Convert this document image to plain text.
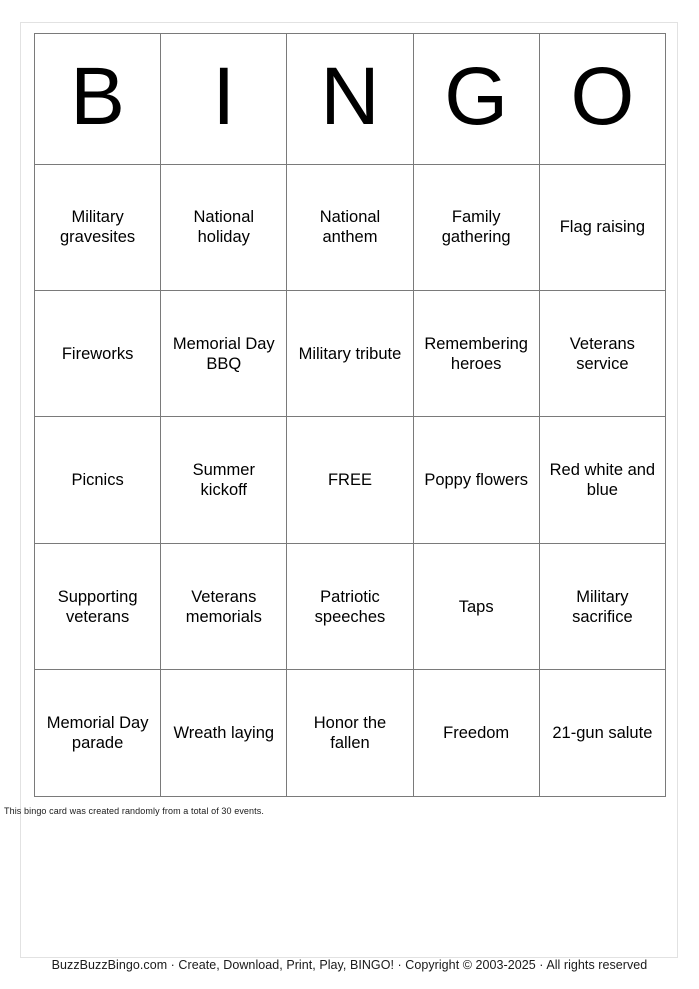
B	I	N	G	O

Military gravesites	National holiday	National anthem	Family gathering	Flag raising

Fireworks	Memorial Day BBQ	Military tribute	Remembering heroes	Veterans service

Picnics	Summer kickoff	FREE	Poppy flowers	Red white and blue

Supporting veterans	Veterans memorials	Patriotic speeches	Taps	Military sacrifice

Memorial Day parade	Wreath laying	Honor the fallen	Freedom	21-gun salute
This bingo card was created randomly from a total of 30 events.
BuzzBuzzBingo.com · Create, Download, Print, Play, BINGO! · Copyright © 2003-2025 · All rights reserved
